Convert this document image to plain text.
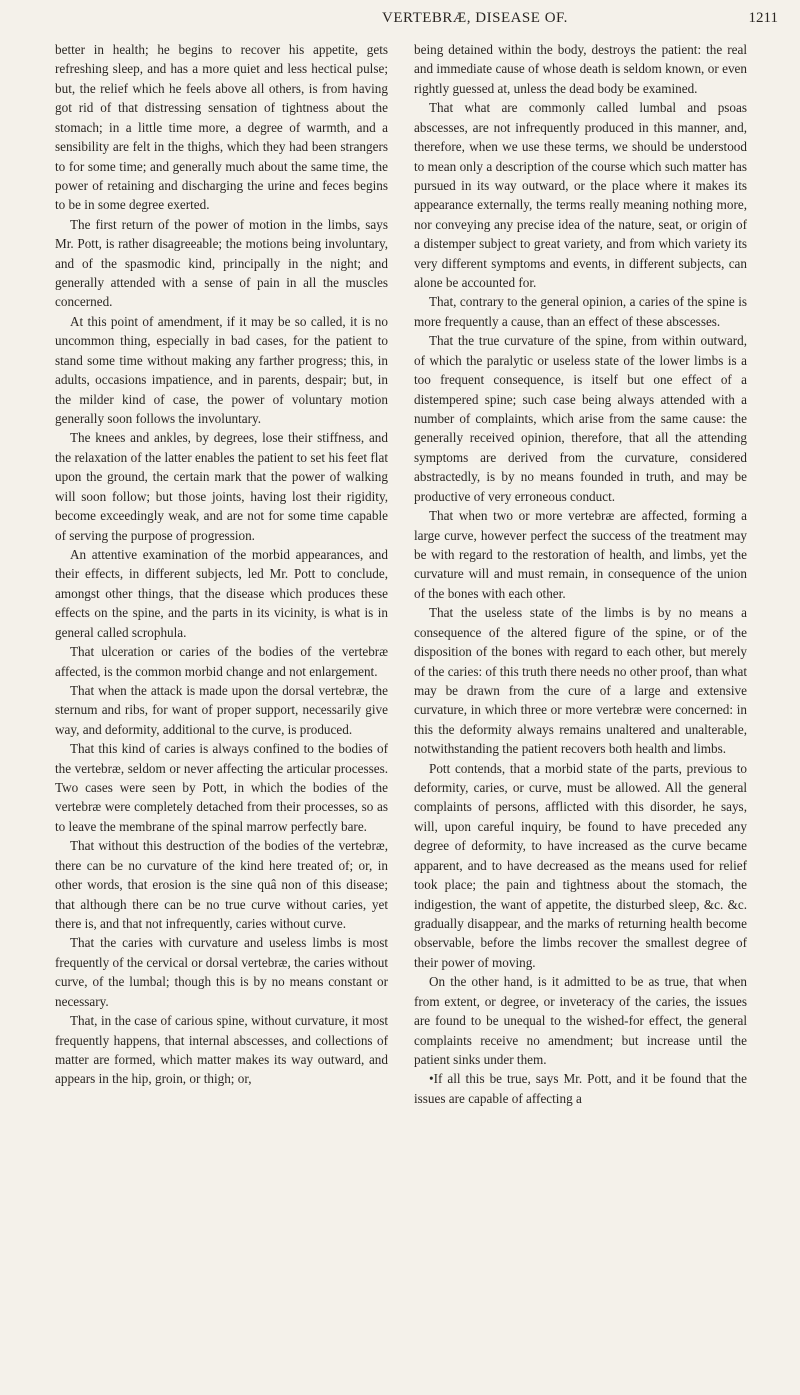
VERTEBRÆ, DISEASE OF.	1211

better in health; he begins to recover his appetite, gets refreshing sleep, and has a more quiet and less hectical pulse; but, the relief which he feels above all others, is from having got rid of that distressing sensation of tightness about the stomach; in a little time more, a degree of warmth, and a sensibility are felt in the thighs, which they had been strangers to for some time; and generally much about the same time, the power of retaining and discharging the urine and feces begins to be in some degree exerted.

The first return of the power of motion in the limbs, says Mr. Pott, is rather disagreeable; the motions being involuntary, and of the spasmodic kind, principally in the night; and generally attended with a sense of pain in all the muscles concerned.

At this point of amendment, if it may be so called, it is no uncommon thing, especially in bad cases, for the patient to stand some time without making any farther progress; this, in adults, occasions impatience, and in parents, despair; but, in the milder kind of case, the power of voluntary motion generally soon follows the involuntary.

The knees and ankles, by degrees, lose their stiffness, and the relaxation of the latter enables the patient to set his feet flat upon the ground, the certain mark that the power of walking will soon follow; but those joints, having lost their rigidity, become exceedingly weak, and are not for some time capable of serving the purpose of progression.

An attentive examination of the morbid appearances, and their effects, in different subjects, led Mr. Pott to conclude, amongst other things, that the disease which produces these effects on the spine, and the parts in its vicinity, is what is in general called scrophula.

That ulceration or caries of the bodies of the vertebræ affected, is the common morbid change and not enlargement.

That when the attack is made upon the dorsal vertebræ, the sternum and ribs, for want of proper support, necessarily give way, and deformity, additional to the curve, is produced.

That this kind of caries is always confined to the bodies of the vertebræ, seldom or never affecting the articular processes. Two cases were seen by Pott, in which the bodies of the vertebræ were completely detached from their processes, so as to leave the membrane of the spinal marrow perfectly bare.

That without this destruction of the bodies of the vertebræ, there can be no curvature of the kind here treated of; or, in other words, that erosion is the sine quâ non of this disease; that although there can be no true curve without caries, yet there is, and that not infrequently, caries without curve.

That the caries with curvature and useless limbs is most frequently of the cervical or dorsal vertebræ, the caries without curve, of the lumbal; though this is by no means constant or necessary.

That, in the case of carious spine, without curvature, it most frequently happens, that internal abscesses, and collections of matter are formed, which matter makes its way outward, and appears in the hip, groin, or thigh; or,

being detained within the body, destroys the patient: the real and immediate cause of whose death is seldom known, or even rightly guessed at, unless the dead body be examined.

That what are commonly called lumbal and psoas abscesses, are not infrequently produced in this manner, and, therefore, when we use these terms, we should be understood to mean only a description of the course which such matter has pursued in its way outward, or the place where it makes its appearance externally, the terms really meaning nothing more, nor conveying any precise idea of the nature, seat, or origin of a distemper subject to great variety, and from which variety its very different symptoms and events, in different subjects, can alone be accounted for.

That, contrary to the general opinion, a caries of the spine is more frequently a cause, than an effect of these abscesses.

That the true curvature of the spine, from within outward, of which the paralytic or useless state of the lower limbs is a too frequent consequence, is itself but one effect of a distempered spine; such case being always attended with a number of complaints, which arise from the same cause: the generally received opinion, therefore, that all the attending symptoms are derived from the curvature, considered abstractedly, is by no means founded in truth, and may be productive of very erroneous conduct.

That when two or more vertebræ are affected, forming a large curve, however perfect the success of the treatment may be with regard to the restoration of health, and limbs, yet the curvature will and must remain, in consequence of the union of the bones with each other.

That the useless state of the limbs is by no means a consequence of the altered figure of the spine, or of the disposition of the bones with regard to each other, but merely of the caries: of this truth there needs no other proof, than what may be drawn from the cure of a large and extensive curvature, in which three or more vertebræ were concerned: in this the deformity always remains unaltered and unalterable, notwithstanding the patient recovers both health and limbs.

Pott contends, that a morbid state of the parts, previous to deformity, caries, or curve, must be allowed. All the general complaints of persons, afflicted with this disorder, he says, will, upon careful inquiry, be found to have preceded any degree of deformity, to have increased as the curve became apparent, and to have decreased as the means used for relief took place; the pain and tightness about the stomach, the indigestion, the want of appetite, the disturbed sleep, &c. &c. gradually disappear, and the marks of returning health become observable, before the limbs recover the smallest degree of their power of moving.

On the other hand, is it admitted to be as true, that when from extent, or degree, or inveteracy of the caries, the issues are found to be unequal to the wished-for effect, the general complaints receive no amendment; but increase until the patient sinks under them.

•If all this be true, says Mr. Pott, and it be found that the issues are capable of affecting a
